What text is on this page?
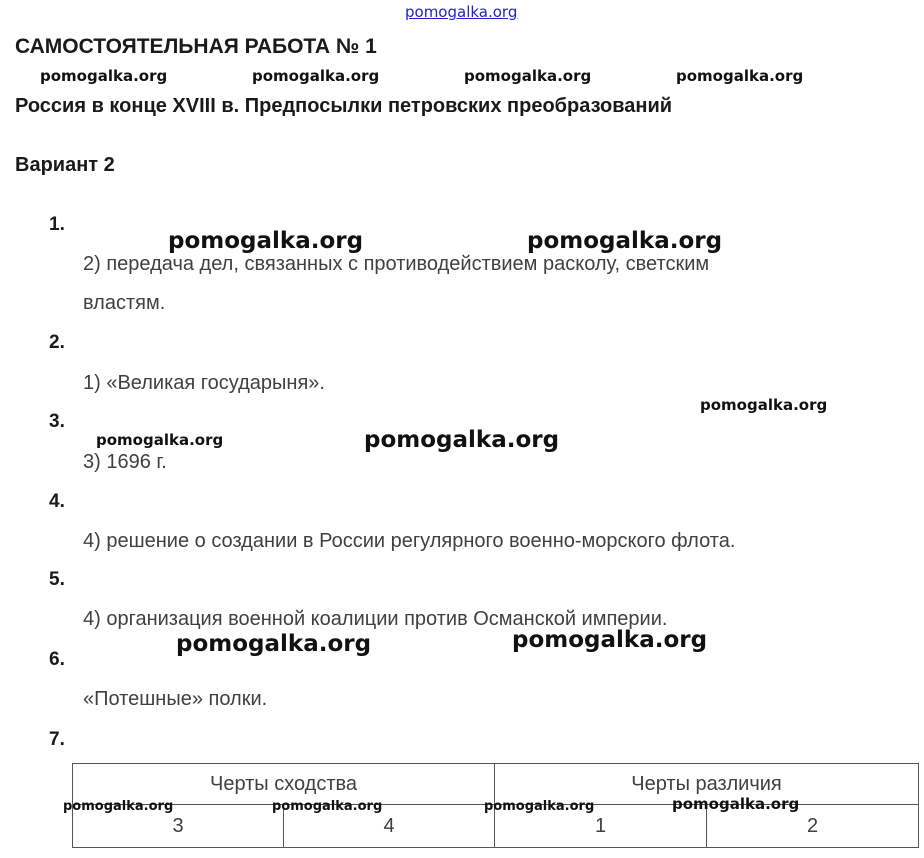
pomogalka.org
САМОСТОЯТЕЛЬНАЯ РАБОТА № 1
pomogalka.org	pomogalka.org	pomogalka.org	pomogalka.org
Россия в конце XVIII в. Предпосылки петровских преобразований
Вариант 2
1.
pomogalka.org	pomogalka.org
2) передача дел, связанных с противодействием расколу, светским
властям.
2.
1) «Великая государыня».
pomogalka.org
3.
pomogalka.org	pomogalka.org
3) 1696 г.
4.
4) решение о создании в России регулярного военно-морского флота.
5.
4) организация военной коалиции против Османской империи.
pomogalka.org	pomogalka.org
6.
«Потешные» полки.
7.
Черты сходства		Черты различия	
3	4	1	2
pomogalka.org	pomogalka.org	pomogalka.org	pomogalka.org
